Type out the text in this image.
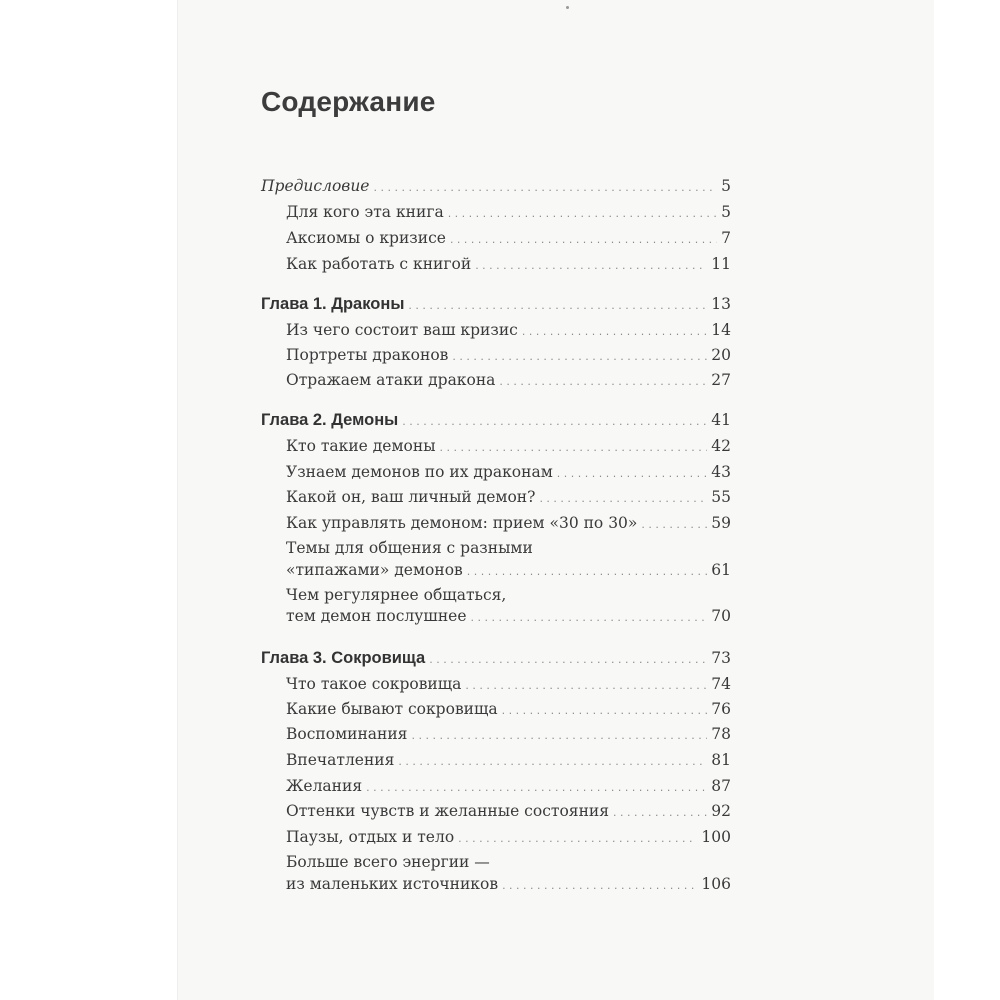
Содержание
Предисловие . . .	5
Для кого эта книга . . .	5
Аксиомы о кризисе . . .	7
Как работать с книгой . . .	11
Глава 1. Драконы . . .	13
Из чего состоит ваш кризис . . .	14
Портреты драконов . . .	20
Отражаем атаки дракона . . .	27
Глава 2. Демоны . . .	41
Кто такие демоны . . .	42
Узнаем демонов по их драконам . . .	43
Какой он, ваш личный демон? . . .	55
Как управлять демоном: прием «30 по 30» . . .	59
Темы для общения с разными
«типажами» демонов . . .	61
Чем регулярнее общаться,
тем демон послушнее . . .	70
Глава 3. Сокровища . . .	73
Что такое сокровища . . .	74
Какие бывают сокровища . . .	76
Воспоминания . . .	78
Впечатления . . .	81
Желания . . .	87
Оттенки чувств и желанные состояния . . .	92
Паузы, отдых и тело . . .	100
Больше всего энергии —
из маленьких источников . . .	106
